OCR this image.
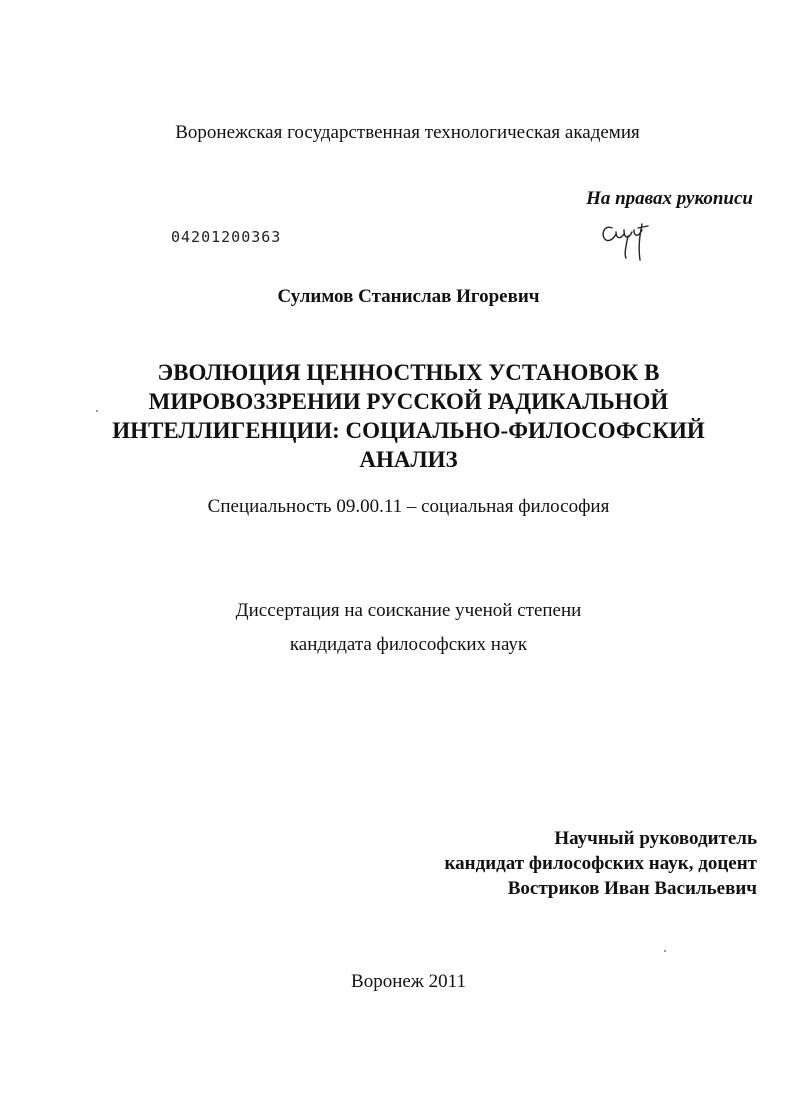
Воронежская государственная технологическая академия
На правах рукописи
04201200363
Сулимов Станислав Игоревич
ЭВОЛЮЦИЯ ЦЕННОСТНЫХ УСТАНОВОК В
МИРОВОЗЗРЕНИИ РУССКОЙ РАДИКАЛЬНОЙ
ИНТЕЛЛИГЕНЦИИ: СОЦИАЛЬНО-ФИЛОСОФСКИЙ
АНАЛИЗ
Специальность 09.00.11 – социальная философия
Диссертация на соискание ученой степени
кандидата философских наук
Научный руководитель
кандидат философских наук, доцент
Востриков Иван Васильевич
Воронеж 2011
